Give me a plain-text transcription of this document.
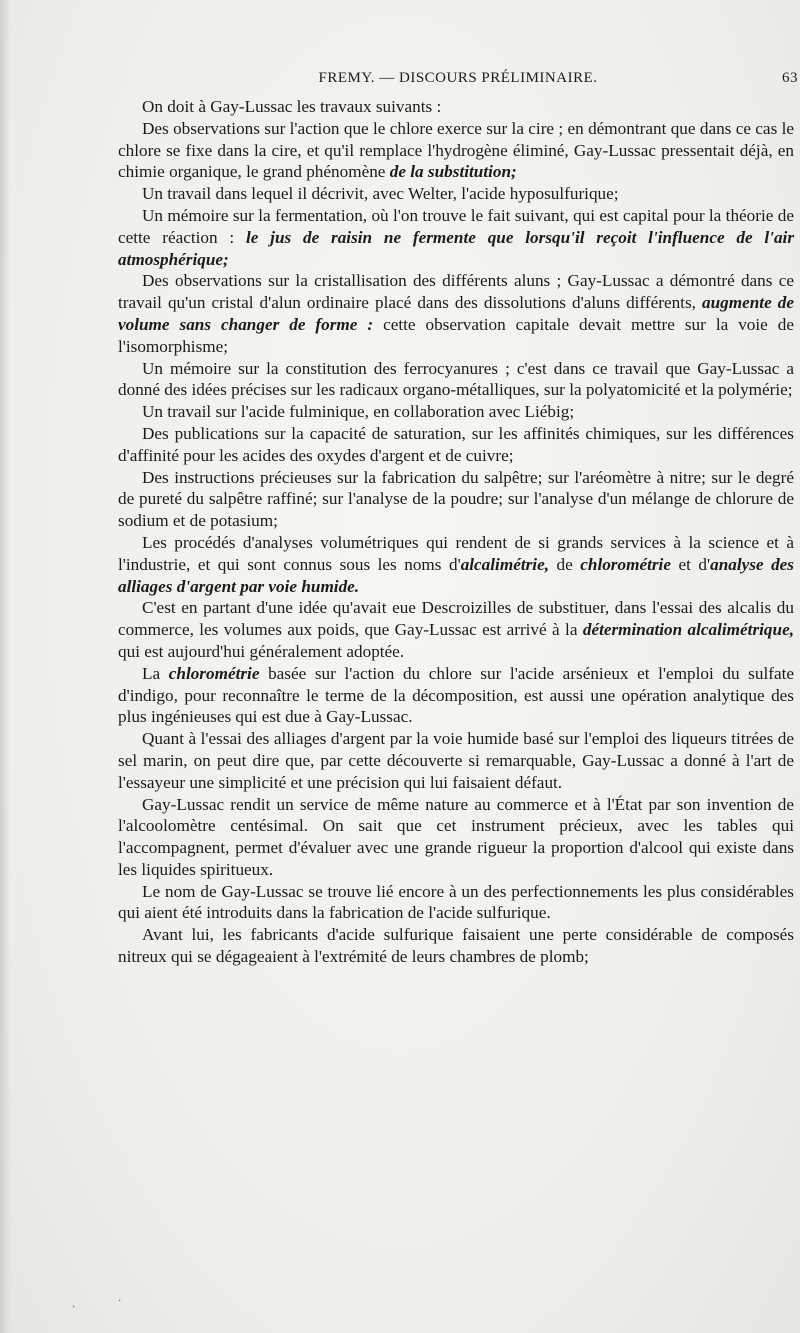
FREMY. — DISCOURS PRÉLIMINAIRE.	63

On doit à Gay-Lussac les travaux suivants :

Des observations sur l'action que le chlore exerce sur la cire ; en démontrant que dans ce cas le chlore se fixe dans la cire, et qu'il remplace l'hydrogène éliminé, Gay-Lussac pressentait déjà, en chimie organique, le grand phénomène de la substitution;

Un travail dans lequel il décrivit, avec Welter, l'acide hyposulfurique;

Un mémoire sur la fermentation, où l'on trouve le fait suivant, qui est capital pour la théorie de cette réaction : le jus de raisin ne fermente que lorsqu'il reçoit l'influence de l'air atmosphérique;

Des observations sur la cristallisation des différents aluns ; Gay-Lussac a démontré dans ce travail qu'un cristal d'alun ordinaire placé dans des dissolutions d'aluns différents, augmente de volume sans changer de forme : cette observation capitale devait mettre sur la voie de l'isomorphisme;

Un mémoire sur la constitution des ferrocyanures ; c'est dans ce travail que Gay-Lussac a donné des idées précises sur les radicaux organo-métalliques, sur la polyatomicité et la polymérie;

Un travail sur l'acide fulminique, en collaboration avec Liébig;

Des publications sur la capacité de saturation, sur les affinités chimiques, sur les différences d'affinité pour les acides des oxydes d'argent et de cuivre;

Des instructions précieuses sur la fabrication du salpêtre; sur l'aréomètre à nitre; sur le degré de pureté du salpêtre raffiné; sur l'analyse de la poudre; sur l'analyse d'un mélange de chlorure de sodium et de potasium;

Les procédés d'analyses volumétriques qui rendent de si grands services à la science et à l'industrie, et qui sont connus sous les noms d'alcalimétrie, de chlorométrie et d'analyse des alliages d'argent par voie humide.

C'est en partant d'une idée qu'avait eue Descroizilles de substituer, dans l'essai des alcalis du commerce, les volumes aux poids, que Gay-Lussac est arrivé à la détermination alcalimétrique, qui est aujourd'hui généralement adoptée.

La chlorométrie basée sur l'action du chlore sur l'acide arsénieux et l'emploi du sulfate d'indigo, pour reconnaître le terme de la décomposition, est aussi une opération analytique des plus ingénieuses qui est due à Gay-Lussac.

Quant à l'essai des alliages d'argent par la voie humide basé sur l'emploi des liqueurs titrées de sel marin, on peut dire que, par cette découverte si remarquable, Gay-Lussac a donné à l'art de l'essayeur une simplicité et une précision qui lui faisaient défaut.

Gay-Lussac rendit un service de même nature au commerce et à l'État par son invention de l'alcoolomètre centésimal. On sait que cet instrument précieux, avec les tables qui l'accompagnent, permet d'évaluer avec une grande rigueur la proportion d'alcool qui existe dans les liquides spiritueux.

Le nom de Gay-Lussac se trouve lié encore à un des perfectionnements les plus considérables qui aient été introduits dans la fabrication de l'acide sulfurique.

Avant lui, les fabricants d'acide sulfurique faisaient une perte considérable de composés nitreux qui se dégageaient à l'extrémité de leurs chambres de plomb;

·
·
